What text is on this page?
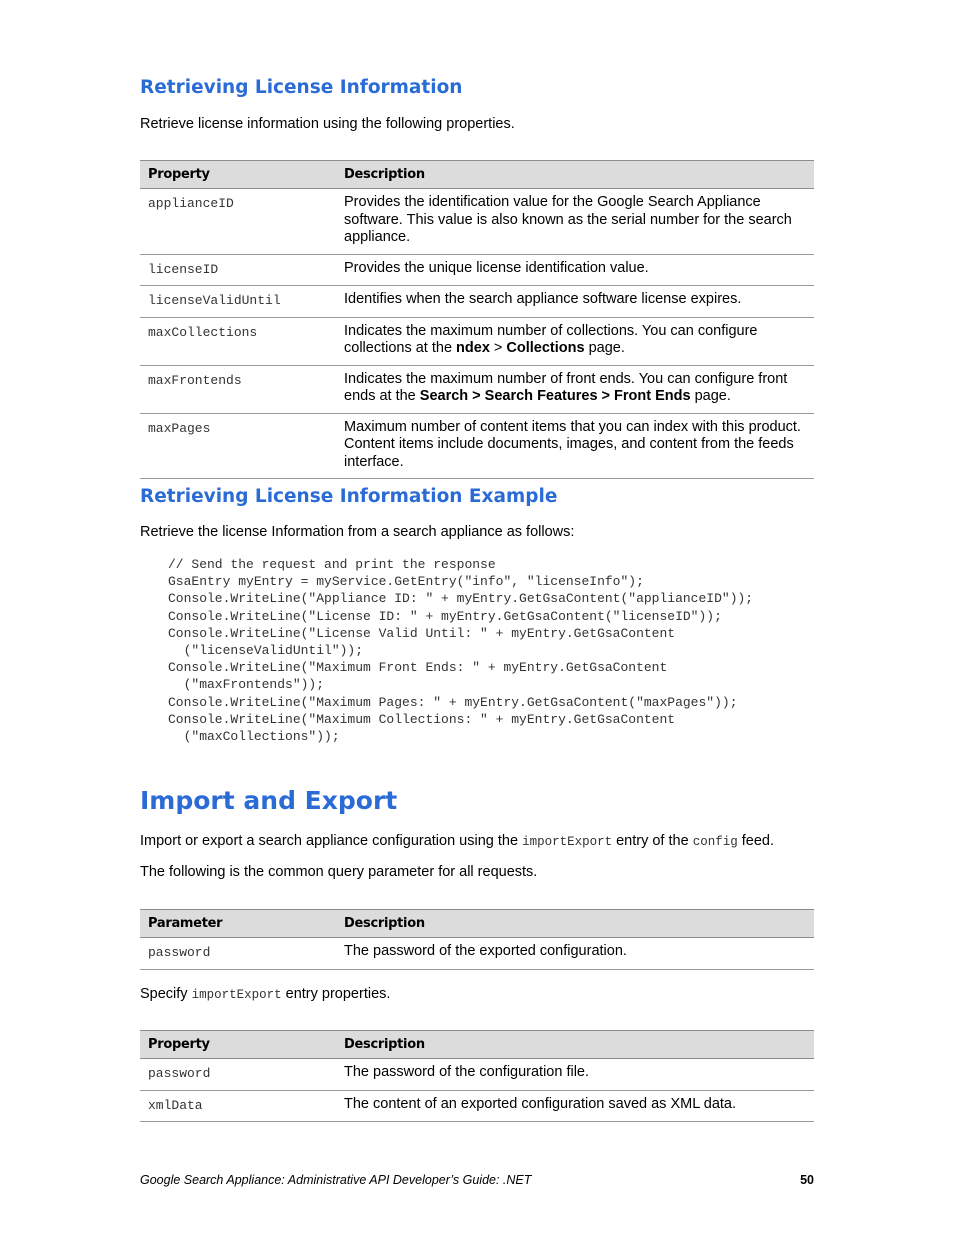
Retrieving License Information

Retrieve license information using the following properties.

Property	Description
applianceID	Provides the identification value for the Google Search Appliance software. This value is also known as the serial number for the search appliance.
licenseID	Provides the unique license identification value.
licenseValidUntil	Identifies when the search appliance software license expires.
maxCollections	Indicates the maximum number of collections. You can configure collections at the ndex > Collections page.
maxFrontends	Indicates the maximum number of front ends. You can configure front ends at the Search > Search Features > Front Ends page.
maxPages	Maximum number of content items that you can index with this product. Content items include documents, images, and content from the feeds interface.
Retrieving License Information Example

Retrieve the license Information from a search appliance as follows:

// Send the request and print the response
GsaEntry myEntry = myService.GetEntry("info", "licenseInfo");
Console.WriteLine("Appliance ID: " + myEntry.GetGsaContent("applianceID"));
Console.WriteLine("License ID: " + myEntry.GetGsaContent("licenseID"));
Console.WriteLine("License Valid Until: " + myEntry.GetGsaContent
("licenseValidUntil"));
Console.WriteLine("Maximum Front Ends: " + myEntry.GetGsaContent
("maxFrontends"));
Console.WriteLine("Maximum Pages: " + myEntry.GetGsaContent("maxPages"));
Console.WriteLine("Maximum Collections: " + myEntry.GetGsaContent
("maxCollections"));
Import and Export

Import or export a search appliance configuration using the importExport entry of the config feed.

The following is the common query parameter for all requests.

Parameter	Description
password	The password of the exported configuration.

Specify importExport entry properties.

Property	Description
password	The password of the configuration file.
xmlData	The content of an exported configuration saved as XML data.
Google Search Appliance: Administrative API Developer’s Guide: .NET	50
